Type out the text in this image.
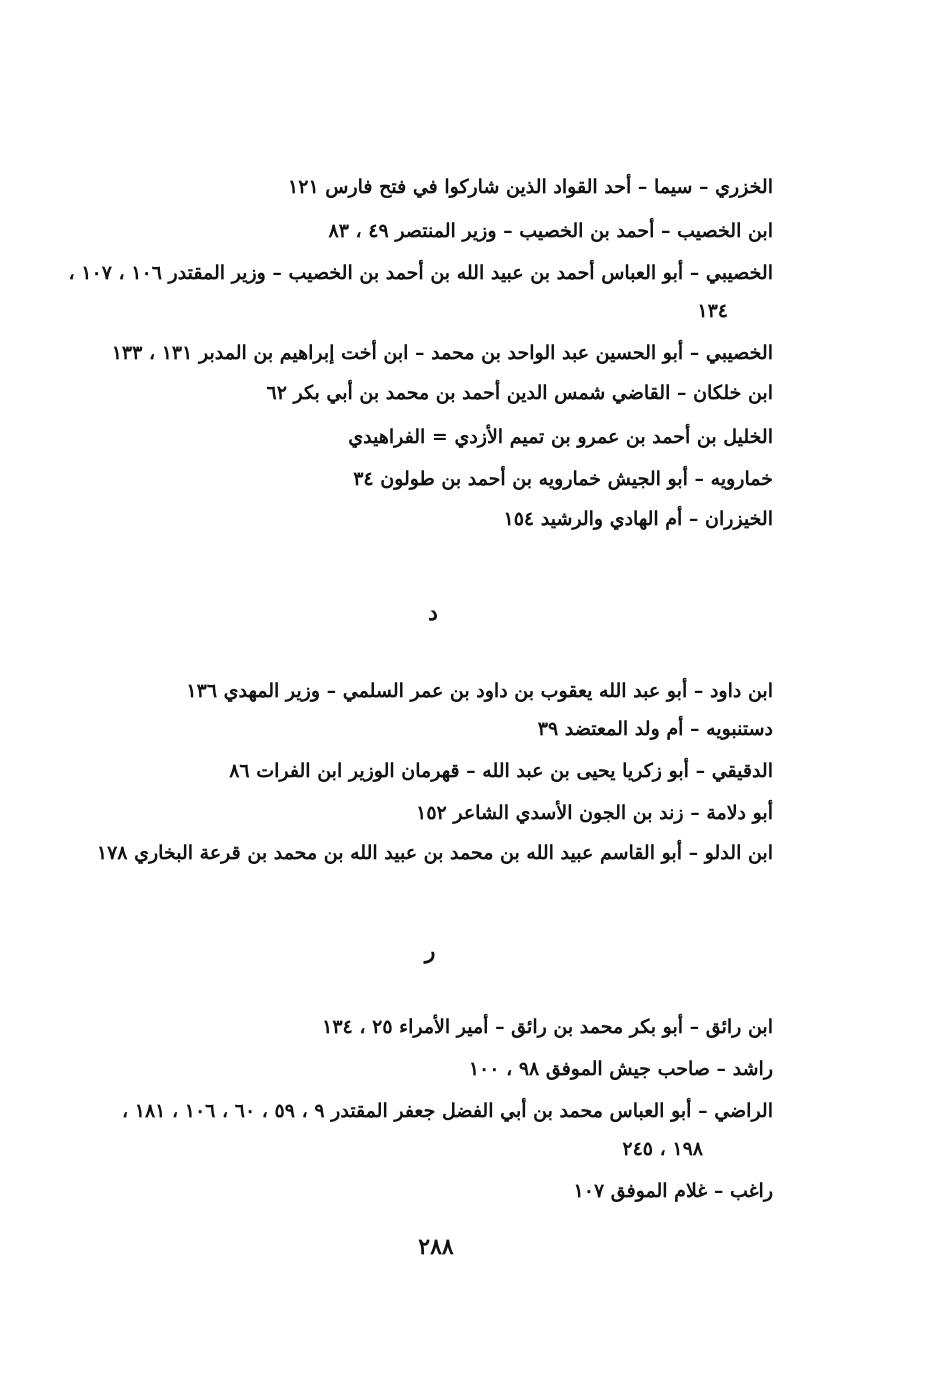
الخزري – سيما – أحد القواد الذين شاركوا في فتح فارس ١٢١
ابن الخصيب – أحمد بن الخصيب – وزير المنتصر ٤٩ ، ٨٣
الخصيبي – أبو العباس أحمد بن عبيد الله بن أحمد بن الخصيب – وزير المقتدر ١٠٦ ، ١٠٧ ،
١٣٤
الخصيبي – أبو الحسين عبد الواحد بن محمد – ابن أخت إبراهيم بن المدبر ١٣١ ، ١٣٣
ابن خلكان – القاضي شمس الدين أحمد بن محمد بن أبي بكر ٦٢
الخليل بن أحمد بن عمرو بن تميم الأزدي = الفراهيدي
خمارويه – أبو الجيش خمارويه بن أحمد بن طولون ٣٤
الخيزران – أم الهادي والرشيد ١٥٤
د
ابن داود – أبو عبد الله يعقوب بن داود بن عمر السلمي – وزير المهدي ١٣٦
دستنبويه – أم ولد المعتضد ٣٩
الدقيقي – أبو زكريا يحيى بن عبد الله – قهرمان الوزير ابن الفرات ٨٦
أبو دلامة – زند بن الجون الأسدي الشاعر ١٥٢
ابن الدلو – أبو القاسم عبيد الله بن محمد بن عبيد الله بن محمد بن قرعة البخاري ١٧٨
ر
ابن رائق – أبو بكر محمد بن رائق – أمير الأمراء ٢٥ ، ١٣٤
راشد – صاحب جيش الموفق ٩٨ ، ١٠٠
الراضي – أبو العباس محمد بن أبي الفضل جعفر المقتدر ٩ ، ٥٩ ، ٦٠ ، ١٠٦ ، ١٨١ ،
١٩٨ ، ٢٤٥
راغب – غلام الموفق ١٠٧
٢٨٨
